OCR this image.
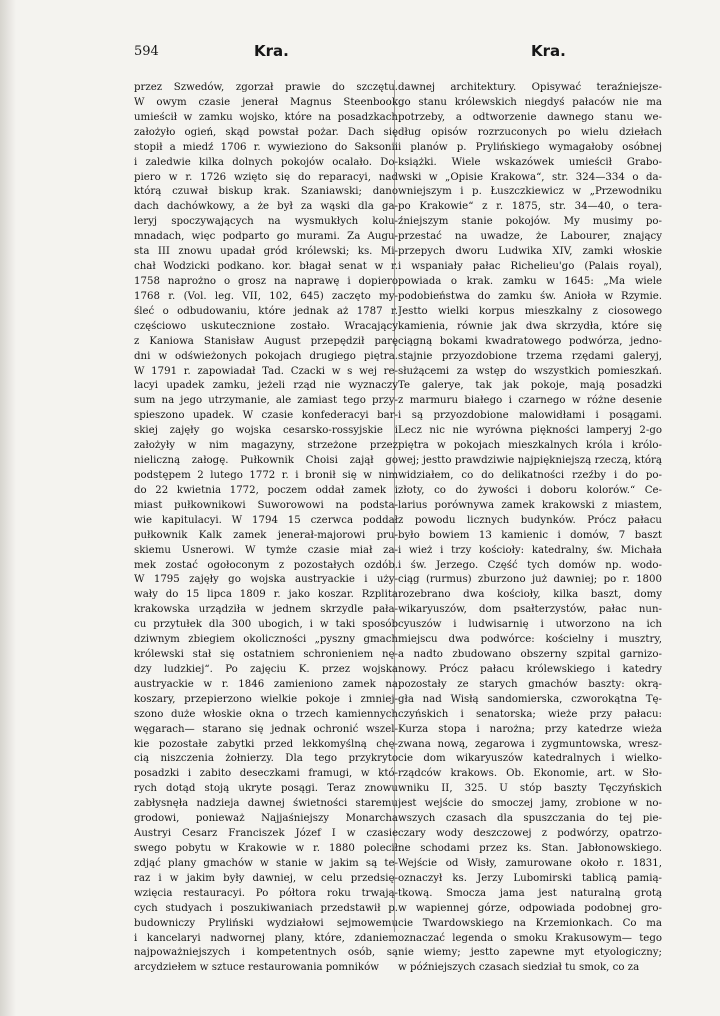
594	Kra.	Kra.
przez Szwedów, zgorzał prawie do szczętu.
W owym czasie jenerał Magnus Steenbook
umieścił w zamku wojsko, które na posadzkach
założyło ogień, skąd powstał pożar. Dach się
stopił a miedź 1706 r. wywieziono do Saksonii
i zaledwie kilka dolnych pokojów ocalało. Do-
piero w r. 1726 wzięto się do reparacyi, nad
którą czuwał biskup krak. Szaniawski; dano
dach dachówkowy, a że był za wąski dla ga-
leryj spoczywających na wysmukłych kolu-
mnadach, więc podparto go murami. Za Augu-
sta III znowu upadał gród królewski; ks. Mi-
chał Wodzicki podkano. kor. błagał senat w r.
1758 naprożno o grosz na naprawę i dopiero
1768 r. (Vol. leg. VII, 102, 645) zaczęto my-
śleć o odbudowaniu, które jednak aż 1787 r.
częściowo uskutecznione zostało. Wracający
z Kaniowa Stanisław August przepędził parę
dni w odświeżonych pokojach drugiego piętra.
W 1791 r. zapowiadał Tad. Czacki w s wej re-
lacyi upadek zamku, jeżeli rząd nie wyznaczy
sum na jego utrzymanie, ale zamiast tego przy-
spieszono upadek. W czasie konfederacyi bar-
skiej zajęły go wojska cesarsko-rossyjskie i
założyły w nim magazyny, strzeżone przez
nieliczną załogę. Pułkownik Choisi zajął go
podstępem 2 lutego 1772 r. i bronił się w nim
do 22 kwietnia 1772, poczem oddał zamek i
miast pułkownikowi Suworowowi na podsta-
wie kapitulacyi. W 1794 15 czerwca poddał
pułkownik Kalk zamek jenerał-majorowi pru-
skiemu Usnerowi. W tymże czasie miał za-
mek zostać ogołoconym z pozostałych ozdób.
W 1795 zajęły go wojska austryackie i uży-
wały do 15 lipca 1809 r. jako koszar. Rzplita
krakowska urządziła w jednem skrzydle pała-
cu przytułek dla 300 ubogich, i w taki sposób
dziwnym zbiegiem okoliczności „pyszny gmach
królewski stał się ostatniem schronieniem nę-
dzy ludzkiej“. Po zajęciu K. przez wojska
austryackie w r. 1846 zamieniono zamek na
koszary, przepierzono wielkie pokoje i zmniej-
szono duże włoskie okna o trzech kamiennych
węgarach— starano się jednak ochronić wszel-
kie pozostałe zabytki przed lekkomyślną chę-
cią niszczenia żołnierzy. Dla tego przykryto
posadzki i zabito deseczkami framugi, w któ-
rych dotąd stoją ukryte posągi. Teraz znowu
zabłysnęła nadzieja dawnej świetności staremu
grodowi, ponieważ Najjaśniejszy Monarcha
Austryi Cesarz Franciszek Józef I w czasie
swego pobytu w Krakowie w r. 1880 polecił
zdjąć plany gmachów w stanie w jakim są te-
raz i w jakim były dawniej, w celu przedsię-
wzięcia restauracyi. Po półtora roku trwają-
cych studyach i poszukiwaniach przedstawił p.
budowniczy Pryliński wydziałowi sejmowemu
i kancelaryi nadwornej plany, które, zdaniem
najpoważniejszych i kompetentnych osób, są
arcydziełem w sztuce restaurowania pomników
dawnej architektury. Opisywać teraźniejsze-
go stanu królewskich niegdyś pałaców nie ma
potrzeby, a odtworzenie dawnego stanu we-
dług opisów rozrzuconych po wielu dziełach
i planów p. Prylińskiego wymagałoby osóbnej
książki. Wiele wskazówek umieścił Grabo-
wski w „Opisie Krakowa“, str. 324—334 o da-
wniejszym i p. Łuszczkiewicz w „Przewodniku
po Krakowie“ z r. 1875, str. 34—40, o tera-
źniejszym stanie pokojów. My musimy po-
przestać na uwadze, że Labourer, znający
przepych dworu Ludwika XIV, zamki włoskie
i wspaniały pałac Richelieu'go (Palais royal),
powiada o krak. zamku w 1645: „Ma wiele
podobieństwa do zamku św. Anioła w Rzymie.
Jestto wielki korpus mieszkalny z ciosowego
kamienia, równie jak dwa skrzydła, które się
ciągną bokami kwadratowego podwórza, jedno-
stajnie przyozdobione trzema rzędami galeryj,
służącemi za wstęp do wszystkich pomieszkań.
Te galerye, tak jak pokoje, mają posadzki
z marmuru białego i czarnego w różne desenie
i są przyozdobione malowidłami i posągami.
Lecz nic nie wyrówna piękności lamperyj 2-go
piętra w pokojach mieszkalnych króla i królo-
wej; jestto prawdziwie najpiękniejszą rzeczą, którą
widziałem, co do delikatności rzeźby i do po-
złoty, co do żywości i doboru kolorów.“ Ce-
larius porównywa zamek krakowski z miastem,
z powodu licznych budynków. Prócz pałacu
było bowiem 13 kamienic i domów, 7 baszt
i wież i trzy kościoły: katedralny, św. Michała
i św. Jerzego. Część tych domów np. wodo-
ciąg (rurmus) zburzono już dawniej; po r. 1800
rozebrano dwa kościoły, kilka baszt, domy
wikaryuszów, dom psałterzystów, pałac nun-
cyuszów i ludwisarnię i utworzono na ich
miejscu dwa podwórce: kościelny i musztry,
a nadto zbudowano obszerny szpital garnizo-
nowy. Prócz pałacu królewskiego i katedry
pozostały ze starych gmachów baszty: okrą-
gła nad Wisłą sandomierska, czworokątna Tę-
czyńskich i senatorska; wieże przy pałacu:
Kurza stopa i narożna; przy katedrze wieża
zwana nową, zegarowa i zygmuntowska, wresz-
cie dom wikaryuszów katedralnych i wielko-
rządców krakows. Ob. Ekonomie, art. w Sło-
wniku II, 325. U stóp baszty Tęczyńskich
jest wejście do smoczej jamy, zrobione w no-
wszych czasach dla spuszczania do tej pie-
czary wody deszczowej z podwórzy, opatrzo-
ne schodami przez ks. Stan. Jabłonowskiego.
Wejście od Wisły, zamurowane około r. 1831,
oznaczył ks. Jerzy Lubomirski tablicą pamią-
tkową. Smocza jama jest naturalną grotą
w wapiennej górze, odpowiada podobnej gro-
cie Twardowskiego na Krzemionkach. Co ma
oznaczać legenda o smoku Krakusowym— tego
nie wiemy; jestto zapewne myt etyologiczny;
w późniejszych czasach siedział tu smok, co za
